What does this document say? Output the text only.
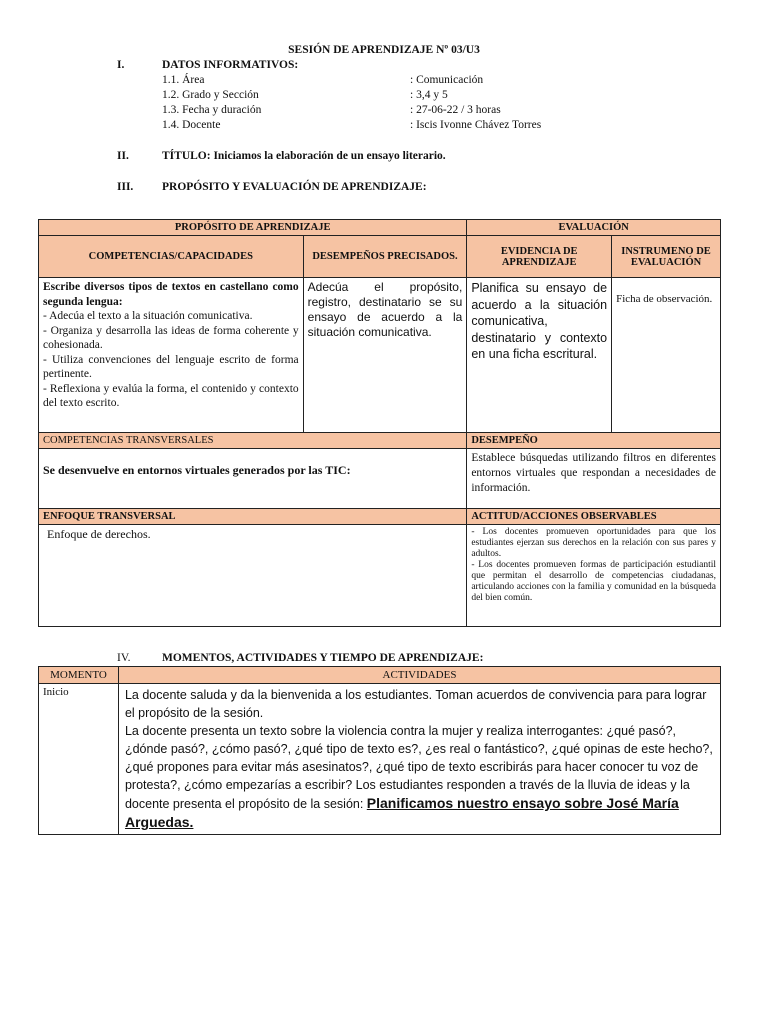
SESIÓN DE APRENDIZAJE Nº 03/U3
I.	DATOS INFORMATIVOS:
1.1. Área	: Comunicación
1.2. Grado y Sección	: 3,4 y 5
1.3. Fecha y duración	: 27-06-22 / 3 horas
1.4. Docente	: Iscis Ivonne Chávez Torres
II.	TÍTULO: Iniciamos la elaboración de un ensayo literario.
III. PROPÓSITO Y EVALUACIÓN DE APRENDIZAJE:
PROPÓSITO DE APRENDIZAJE		EVALUACIÓN	
COMPETENCIAS/CAPACIDADES	DESEMPEÑOS PRECISADOS.	EVIDENCIA DE APRENDIZAJE	INSTRUMENO DE EVALUACIÓN

Escribe diversos tipos de textos en castellano como segunda lengua:
- Adecúa el texto a la situación comunicativa.
- Organiza y desarrolla las ideas de forma coherente y cohesionada.
- Utiliza convenciones del lenguaje escrito de forma pertinente.
- Reflexiona y evalúa la forma, el contenido y contexto del texto escrito.	Adecúa el propósito, registro, destinatario se su ensayo de acuerdo a la situación comunicativa.	Planifica su ensayo de acuerdo a la situación comunicativa, destinatario y contexto en una ficha escritural.	Ficha de observación.
COMPETENCIAS TRANSVERSALES		DESEMPEÑO	
Se desenvuelve en entornos virtuales generados por las TIC:		Establece búsquedas utilizando filtros en diferentes entornos virtuales que respondan a necesidades de información.	
ENFOQUE TRANSVERSAL		ACTITUD/ACCIONES OBSERVABLES	
Enfoque de derechos.		- Los docentes promueven oportunidades para que los estudiantes ejerzan sus derechos en la relación con sus pares y adultos.
- Los docentes promueven formas de participación estudiantil que permitan el desarrollo de competencias ciudadanas, articulando acciones con la familia y comunidad en la búsqueda del bien común.	
IV.	MOMENTOS, ACTIVIDADES Y TIEMPO DE APRENDIZAJE:
MOMENTO	ACTIVIDADES
Inicio	La docente saluda y da la bienvenida a los estudiantes. Toman acuerdos de convivencia para para lograr el propósito de la sesión.
La docente presenta un texto sobre la violencia contra la mujer y realiza interrogantes: ¿qué pasó?, ¿dónde pasó?, ¿cómo pasó?, ¿qué tipo de texto es?, ¿es real o fantástico?, ¿qué opinas de este hecho?, ¿qué propones para evitar más asesinatos?, ¿qué tipo de texto escribirás para hacer conocer tu voz de protesta?, ¿cómo empezarías a escribir? Los estudiantes responden a través de la lluvia de ideas y la docente presenta el propósito de la sesión: Planificamos nuestro ensayo sobre José María Arguedas.
